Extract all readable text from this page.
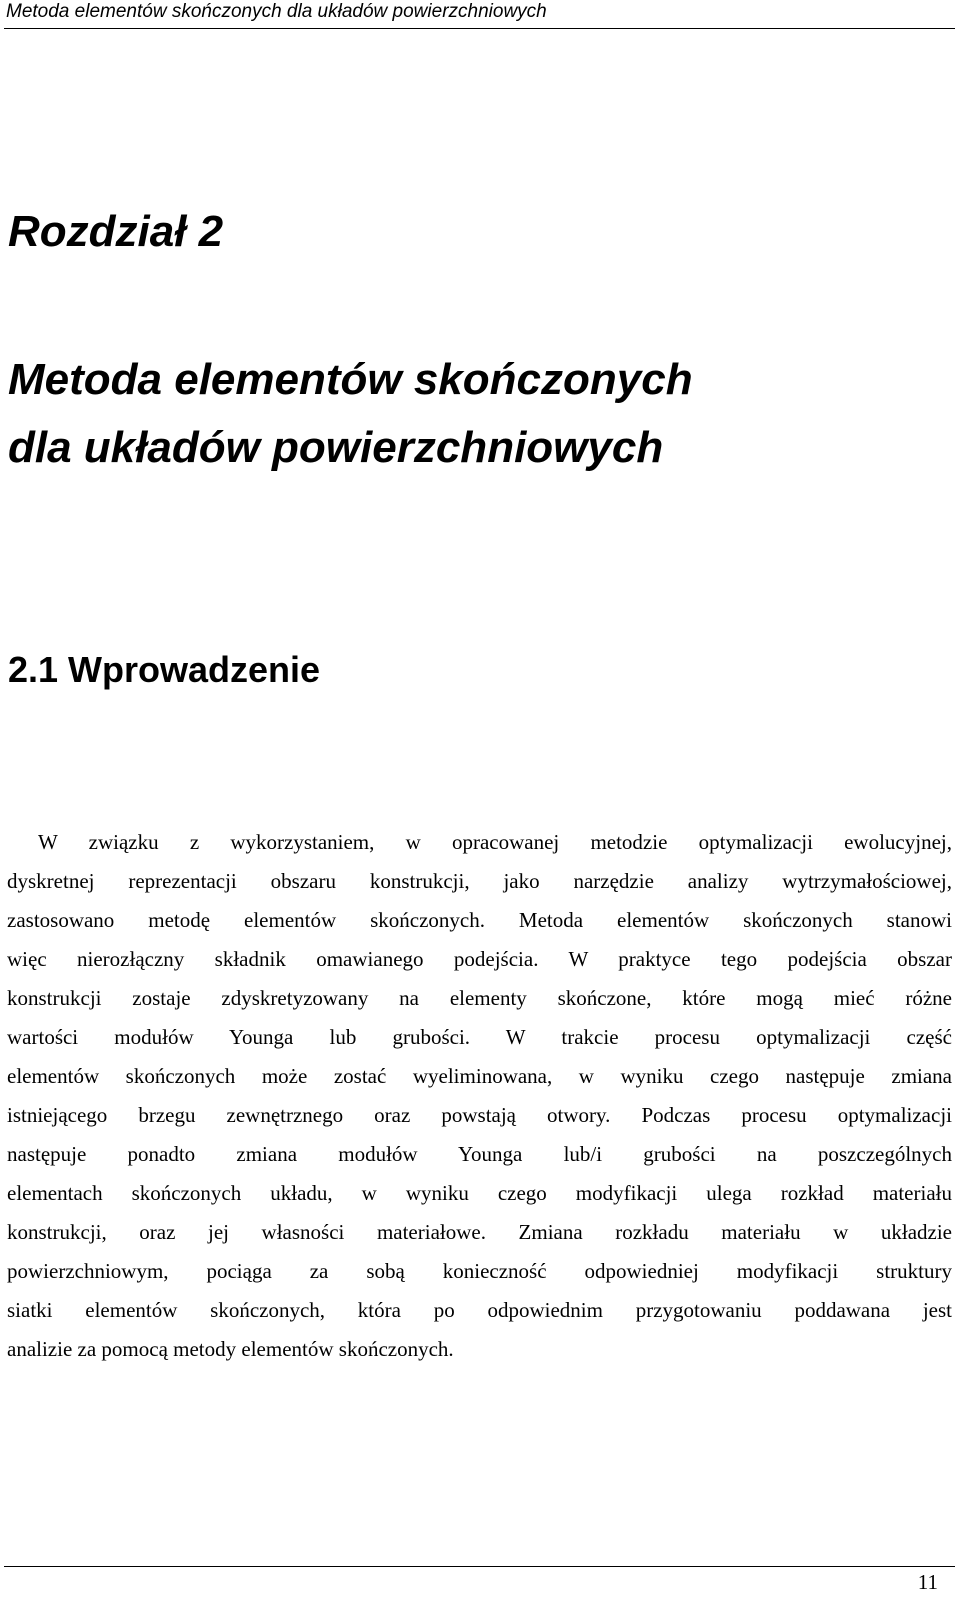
Metoda elementów skończonych dla układów powierzchniowych
Rozdział 2
Metoda elementów skończonych
dla układów powierzchniowych
2.1 Wprowadzenie

W związku z wykorzystaniem, w opracowanej metodzie optymalizacji ewolucyjnej,
dyskretnej reprezentacji obszaru konstrukcji, jako narzędzie analizy wytrzymałościowej,
zastosowano metodę elementów skończonych. Metoda elementów skończonych stanowi
więc nierozłączny składnik omawianego podejścia. W praktyce tego podejścia obszar
konstrukcji zostaje zdyskretyzowany na elementy skończone, które mogą mieć różne
wartości modułów Younga lub grubości. W trakcie procesu optymalizacji część
elementów skończonych może zostać wyeliminowana, w wyniku czego następuje zmiana
istniejącego brzegu zewnętrznego oraz powstają otwory. Podczas procesu optymalizacji
następuje ponadto zmiana modułów Younga lub/i grubości na poszczególnych
elementach skończonych układu, w wyniku czego modyfikacji ulega rozkład materiału
konstrukcji, oraz jej własności materiałowe. Zmiana rozkładu materiału w układzie
powierzchniowym, pociąga za sobą konieczność odpowiedniej modyfikacji struktury
siatki elementów skończonych, która po odpowiednim przygotowaniu poddawana jest
analizie za pomocą metody elementów skończonych.

11
